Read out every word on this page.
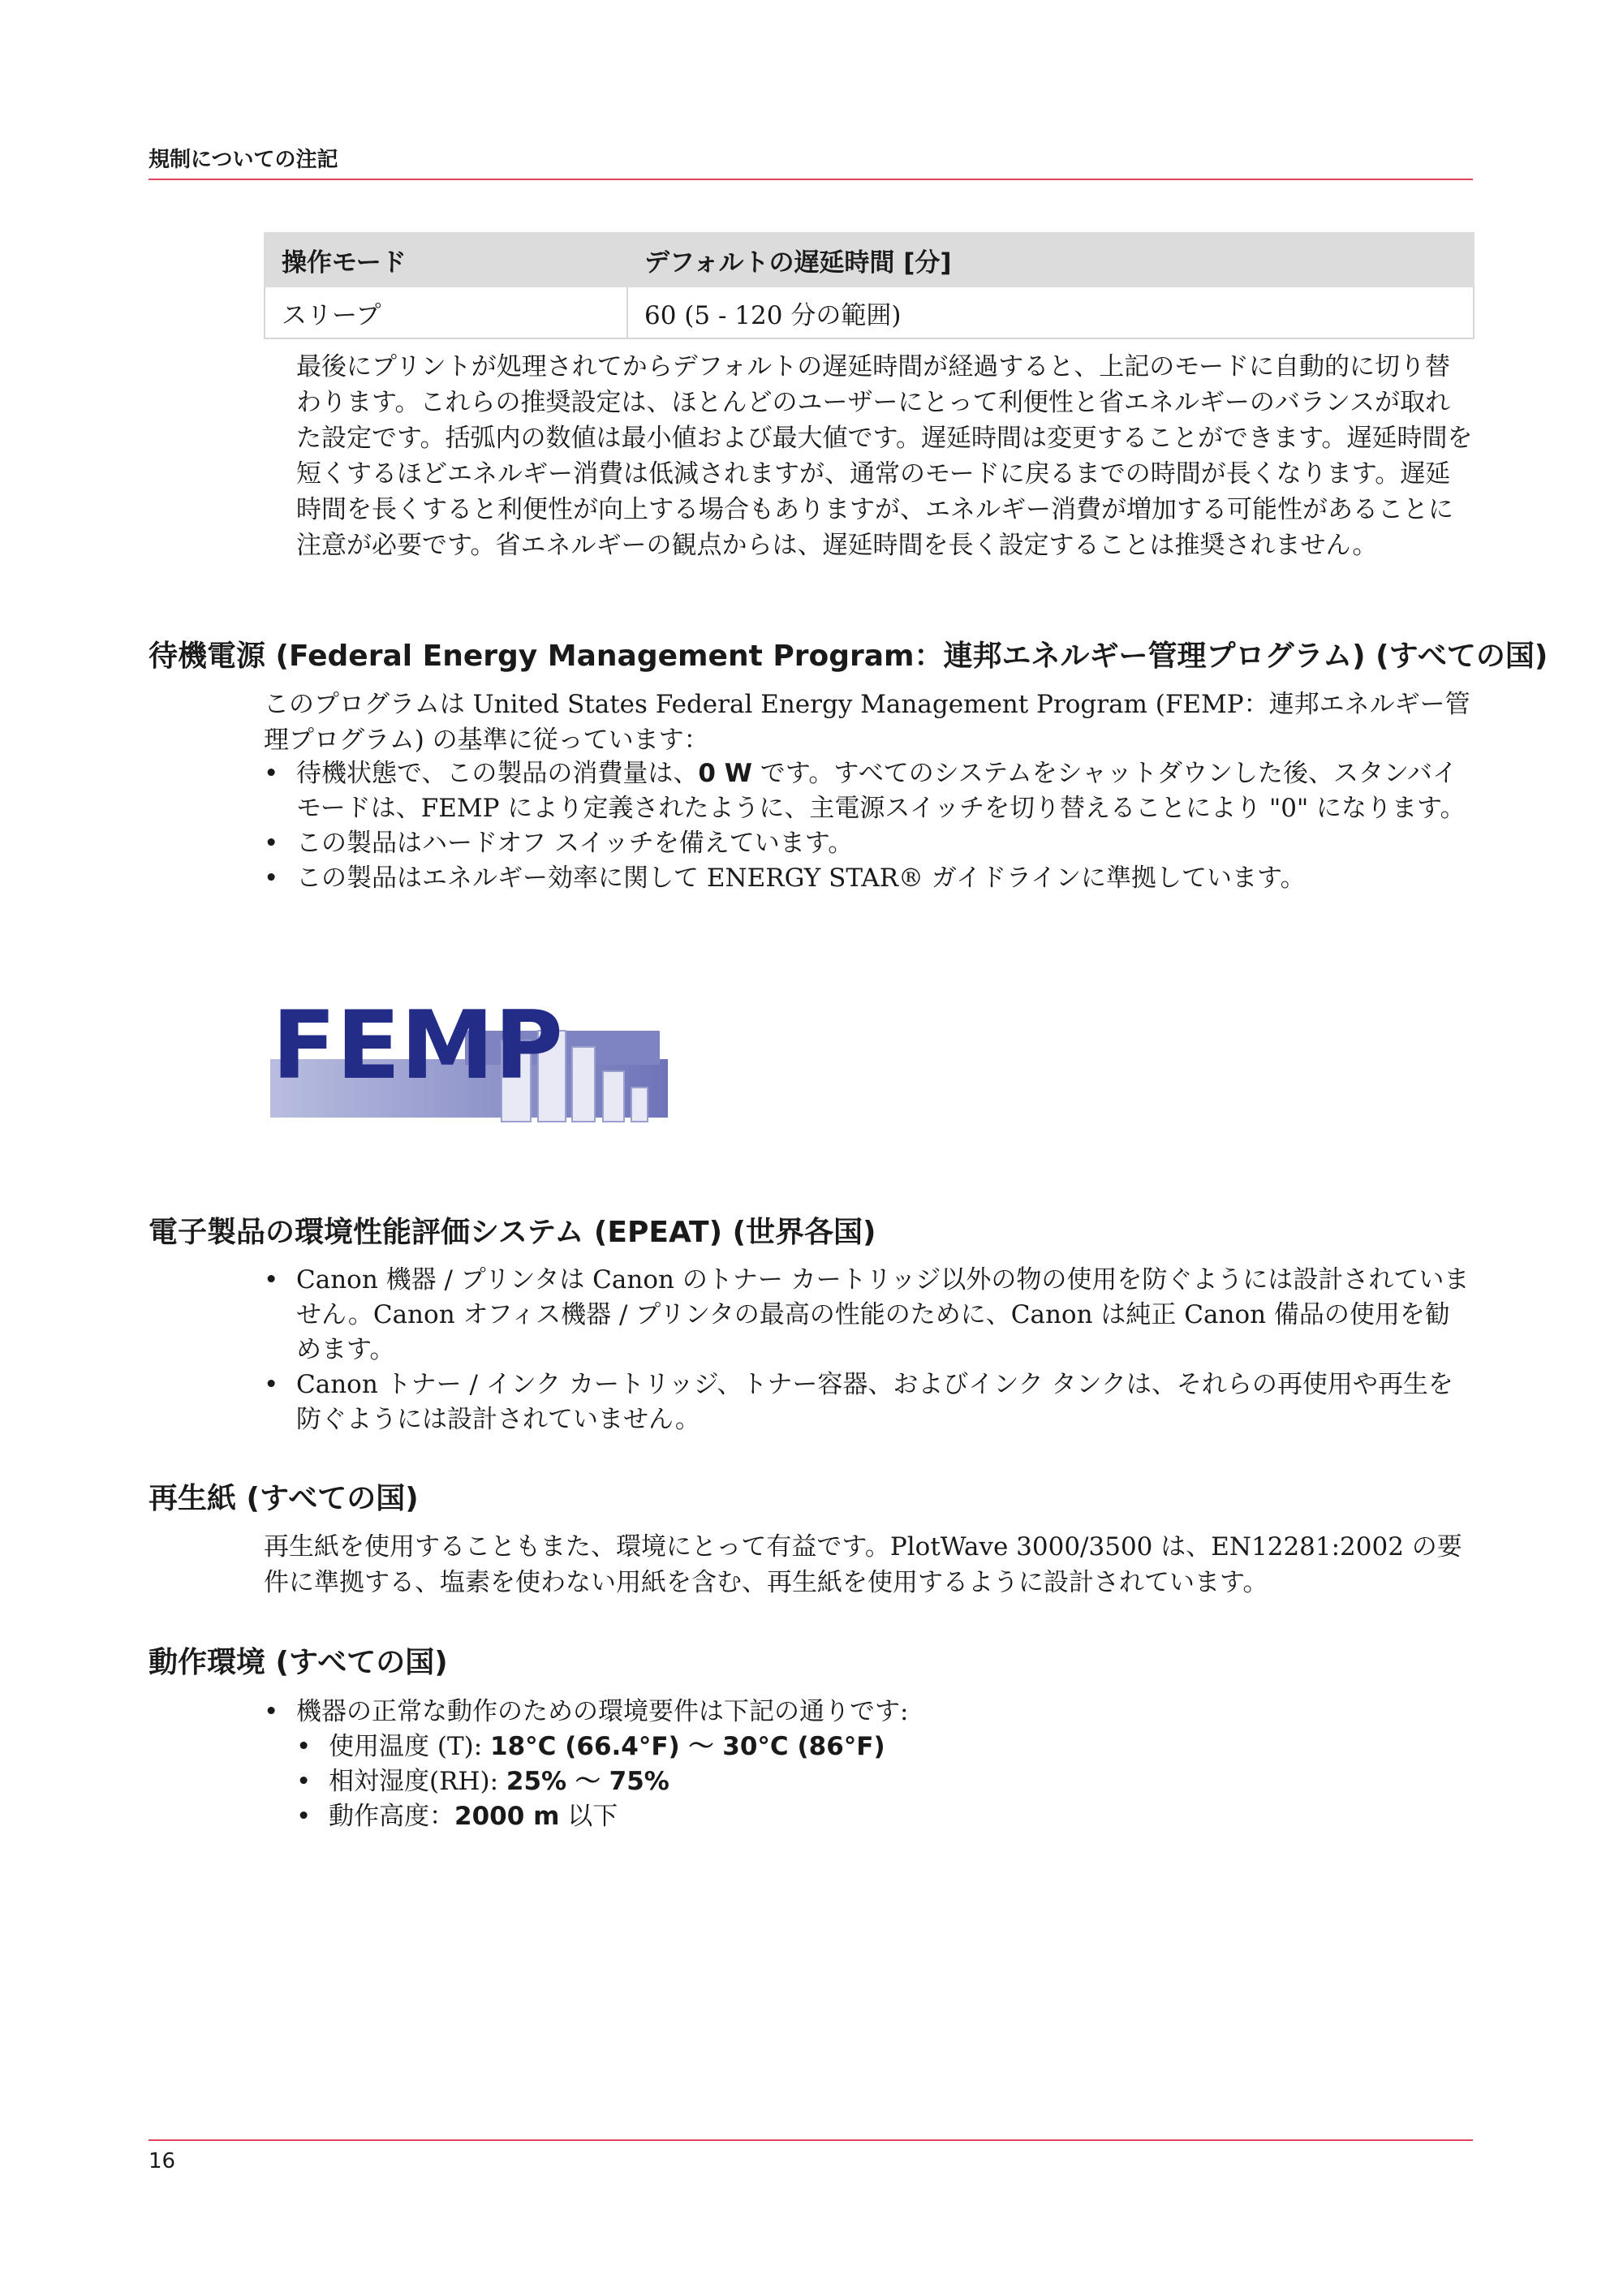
規制についての注記
操作モード	デフォルトの遅延時間 [分]
スリープ	60 (5 - 120 分の範囲)

最後にプリントが処理されてからデフォルトの遅延時間が経過すると、上記のモードに自動的に切り替わります。これらの推奨設定は、ほとんどのユーザーにとって利便性と省エネルギーのバランスが取れた設定です。括弧内の数値は最小値および最大値です。遅延時間は変更することができます。遅延時間を短くするほどエネルギー消費は低減されますが、通常のモードに戻るまでの時間が長くなります。遅延時間を長くすると利便性が向上する場合もありますが、エネルギー消費が増加する可能性があることに注意が必要です。省エネルギーの観点からは、遅延時間を長く設定することは推奨されません。

待機電源 (Federal Energy Management Program：連邦エネルギー管理プログラム) (すべての国)

このプログラムは United States Federal Energy Management Program (FEMP：連邦エネルギー管理プログラム) の基準に従っています：

• 待機状態で、この製品の消費量は、0 W です。すべてのシステムをシャットダウンした後、スタンバイモードは、FEMP により定義されたように、主電源スイッチを切り替えることにより "0" になります。
• この製品はハードオフ スイッチを備えています。
• この製品はエネルギー効率に関して ENERGY STAR® ガイドラインに準拠しています。
FEMP
電子製品の環境性能評価システム (EPEAT) (世界各国)
• Canon 機器 / プリンタは Canon のトナー カートリッジ以外の物の使用を防ぐようには設計されていません。Canon オフィス機器 / プリンタの最高の性能のために、Canon は純正 Canon 備品の使用を勧めます。
• Canon トナー / インク カートリッジ、トナー容器、およびインク タンクは、それらの再使用や再生を防ぐようには設計されていません。
再生紙 (すべての国)

再生紙を使用することもまた、環境にとって有益です。PlotWave 3000/3500 は、EN12281:2002 の要件に準拠する、塩素を使わない用紙を含む、再生紙を使用するように設計されています。

動作環境 (すべての国)
• 機器の正常な動作のための環境要件は下記の通りです:
• 使用温度 (T): 18°C (66.4°F) ～ 30°C (86°F)
• 相対湿度(RH): 25% ～ 75%
• 動作高度：2000 m 以下
16
